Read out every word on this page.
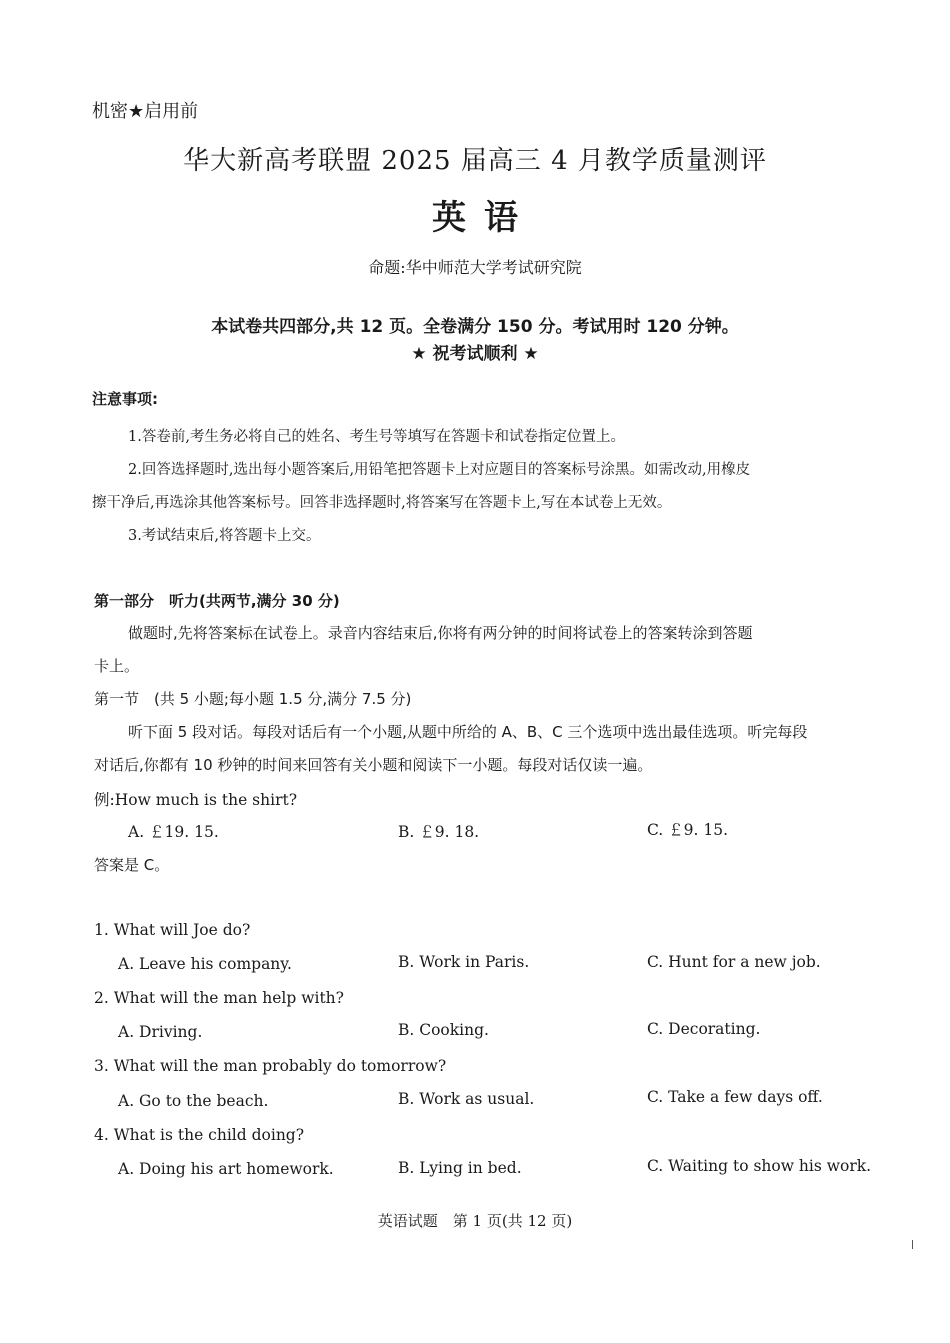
机密★启用前
华大新高考联盟 2025 届高三 4 月教学质量测评
英语
命题:华中师范大学考试研究院
本试卷共四部分,共 12 页。全卷满分 150 分。考试用时 120 分钟。
★ 祝考试顺利 ★
注意事项:
1.答卷前,考生务必将自己的姓名、考生号等填写在答题卡和试卷指定位置上。
2.回答选择题时,选出每小题答案后,用铅笔把答题卡上对应题目的答案标号涂黑。如需改动,用橡皮
擦干净后,再选涂其他答案标号。回答非选择题时,将答案写在答题卡上,写在本试卷上无效。
3.考试结束后,将答题卡上交。
第一部分　听力(共两节,满分 30 分)
做题时,先将答案标在试卷上。录音内容结束后,你将有两分钟的时间将试卷上的答案转涂到答题
卡上。
第一节　(共 5 小题;每小题 1.5 分,满分 7.5 分)
听下面 5 段对话。每段对话后有一个小题,从题中所给的 A、B、C 三个选项中选出最佳选项。听完每段
对话后,你都有 10 秒钟的时间来回答有关小题和阅读下一小题。每段对话仅读一遍。
例:How much is the shirt?
A. ￡19. 15.	B. ￡9. 18.	C. ￡9. 15.
答案是 C。
1. What will Joe do?
A. Leave his company.	B. Work in Paris.	C. Hunt for a new job.
2. What will the man help with?
A. Driving.	B. Cooking.	C. Decorating.
3. What will the man probably do tomorrow?
A. Go to the beach.	B. Work as usual.	C. Take a few days off.
4. What is the child doing?
A. Doing his art homework.	B. Lying in bed.	C. Waiting to show his work.
英语试题　第 1 页(共 12 页)
